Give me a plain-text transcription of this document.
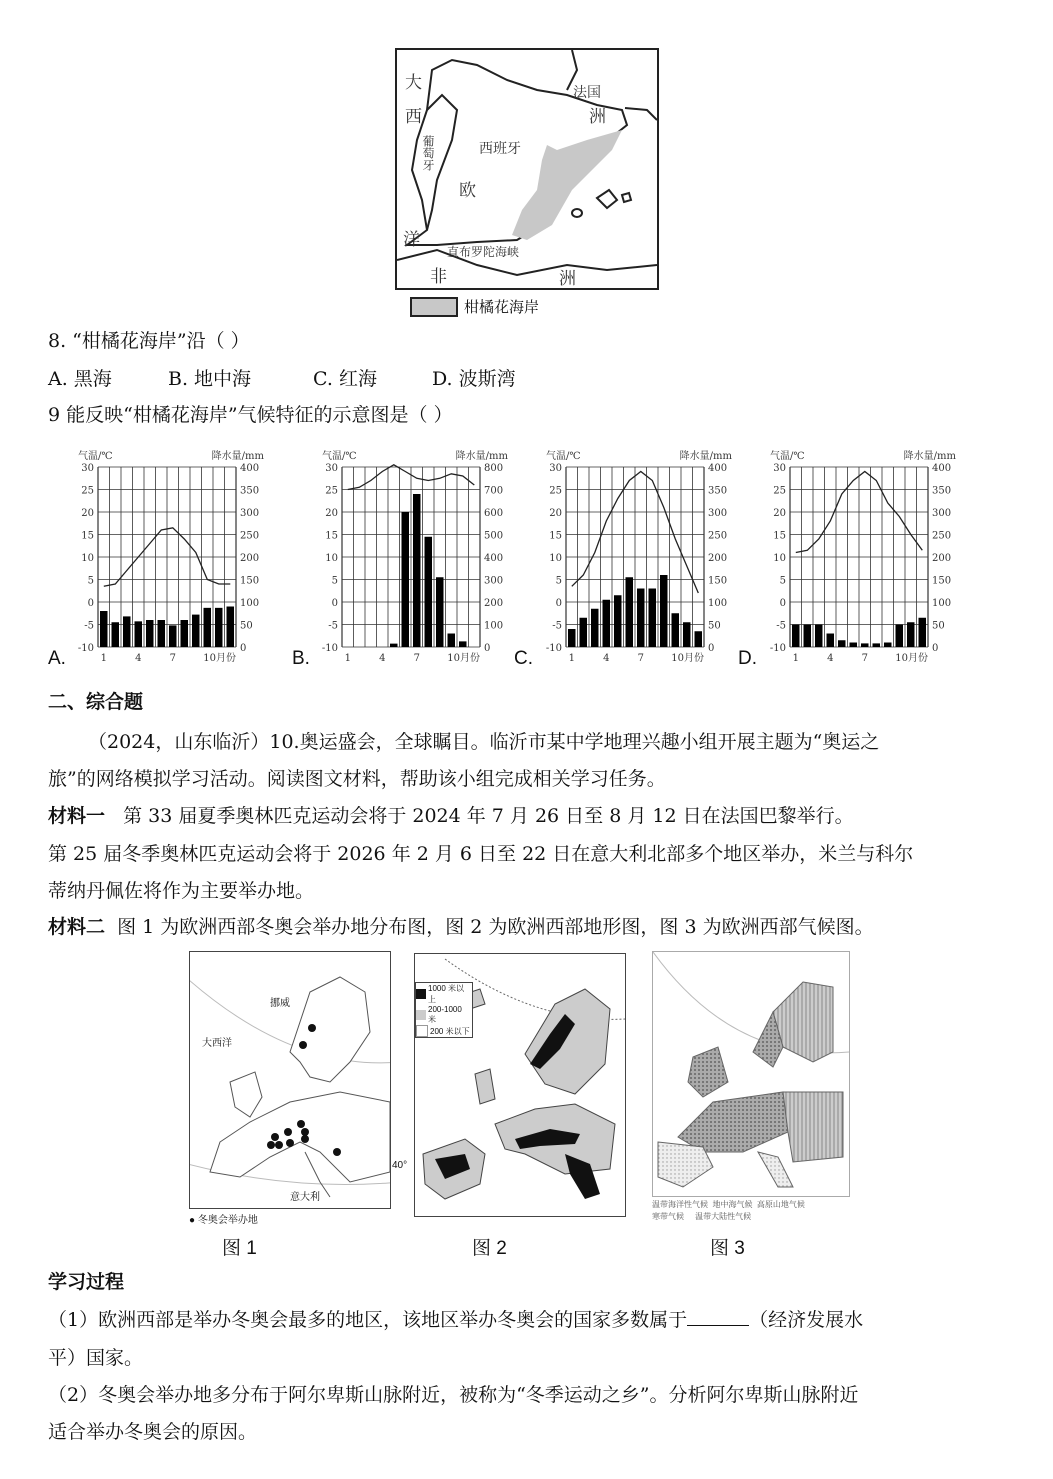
大
西
洋
葡萄牙	西班牙
欧
法国
洲
直布罗陀海峡
非	洲
柑橘花海岸
8. “柑橘花海岸”沿（ ）
A. 黑海	B. 地中海	C. 红海	D. 波斯湾
9 能反映“柑橘花海岸”气候特征的示意图是（ ）
气温/℃	降水量/mm
30	400
25	350
20	300
15	250
10	200
5	150
0	100
-5	50
-10	0
1	4	7	10月份
气温/℃	降水量/mm
30	800
25	700
20	600
15	500
10	400
5	300
0	200
-5	100
-10	0
1	4	7	10月份
气温/℃	降水量/mm
30	400
25	350
20	300
15	250
10	200
5	150
0	100
-5	50
-10	0
1	4	7	10月份
气温/℃	降水量/mm
30	400
25	350
20	300
15	250
10	200
5	150
0	100
-5	50
-10	0
1	4	7	10月份
A.	B.	C.	D.
二、综合题
（2024，山东临沂）10.奥运盛会，全球瞩目。临沂市某中学地理兴趣小组开展主题为“奥运之
旅”的网络模拟学习活动。阅读图文材料，帮助该小组完成相关学习任务。
材料一 第 33 届夏季奥林匹克运动会将于 2024 年 7 月 26 日至 8 月 12 日在法国巴黎举行。
第 25 届冬季奥林匹克运动会将于 2026 年 2 月 6 日至 22 日在意大利北部多个地区举办，米兰与科尔
蒂纳丹佩佐将作为主要举办地。
材料二 图 1 为欧洲西部冬奥会举办地分布图，图 2 为欧洲西部地形图，图 3 为欧洲西部气候图。
挪威
大西洋
意大利
40°
● 冬奥会举办地
1000 米以上
200-1000 米
200 米以下
温带海洋性气候 地中海气候 高原山地气候
寒带气候 温带大陆性气候
图 1	图 2	图 3
学习过程
（1）欧洲西部是举办冬奥会最多的地区，该地区举办冬奥会的国家多数属于	（经济发展水
平）国家。
（2）冬奥会举办地多分布于阿尔卑斯山脉附近，被称为“冬季运动之乡”。分析阿尔卑斯山脉附近
适合举办冬奥会的原因。
